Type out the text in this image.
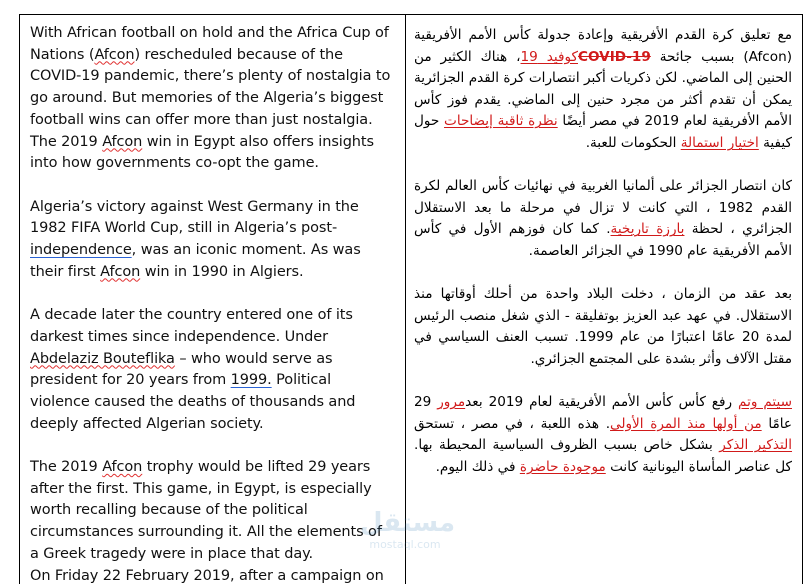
With African football on hold and the Africa Cup of Nations (Afcon) rescheduled because of the COVID-19 pandemic, there’s plenty of nostalgia to go around. But memories of the Algeria’s biggest football wins can offer more than just nostalgia. The 2019 Afcon win in Egypt also offers insights into how governments co-opt the game.

Algeria’s victory against West Germany in the 1982 FIFA World Cup, still in Algeria’s post-independence, was an iconic moment. As was their first Afcon win in 1990 in Algiers.

A decade later the country entered one of its darkest times since independence. Under Abdelaziz Bouteflika – who would serve as president for 20 years from 1999. Political violence caused the deaths of thousands and deeply affected Algerian society.

The 2019 Afcon trophy would be lifted 29 years after the first. This game, in Egypt, is especially worth recalling because of the political circumstances surrounding it. All the elements of a Greek tragedy were in place that day.
On Friday 22 February 2019, after a campaign on

مع تعليق كرة القدم الأفريقية وإعادة جدولة كأس الأمم الأفريقية (Afcon) بسبب جائحة COVID-19كوفيد 19، هناك الكثير من الحنين إلى الماضي. لكن ذكريات أكبر انتصارات كرة القدم الجزائرية يمكن أن تقدم أكثر من مجرد حنين إلى الماضي. يقدم فوز كأس الأمم الأفريقية لعام 2019 في مصر أيضًا نظرة ثاقبة إيضاحات حول كيفية اختيار استمالة الحكومات للعبة.

كان انتصار الجزائر على ألمانيا الغربية في نهائيات كأس العالم لكرة القدم 1982 ، التي كانت لا تزال في مرحلة ما بعد الاستقلال الجزائري ، لحظة بارزة تاريخية. كما كان فوزهم الأول في كأس الأمم الأفريقية عام 1990 في الجزائر العاصمة.

بعد عقد من الزمان ، دخلت البلاد واحدة من أحلك أوقاتها منذ الاستقلال. في عهد عبد العزيز بوتفليقة - الذي شغل منصب الرئيس لمدة 20 عامًا اعتبارًا من عام 1999. تسبب العنف السياسي في مقتل الآلاف وأثر بشدة على المجتمع الجزائري.

سيتم وتم رفع كأس كأس الأمم الأفريقية لعام 2019 بعدمرور 29 عامًا من أولها منذ المرة الأولى. هذه اللعبة ، في مصر ، تستحق التذكير الذكر بشكل خاص بسبب الظروف السياسية المحيطة بها. كل عناصر المأساة اليونانية كانت موجودة حاضرة في ذلك اليوم.

مستقل
